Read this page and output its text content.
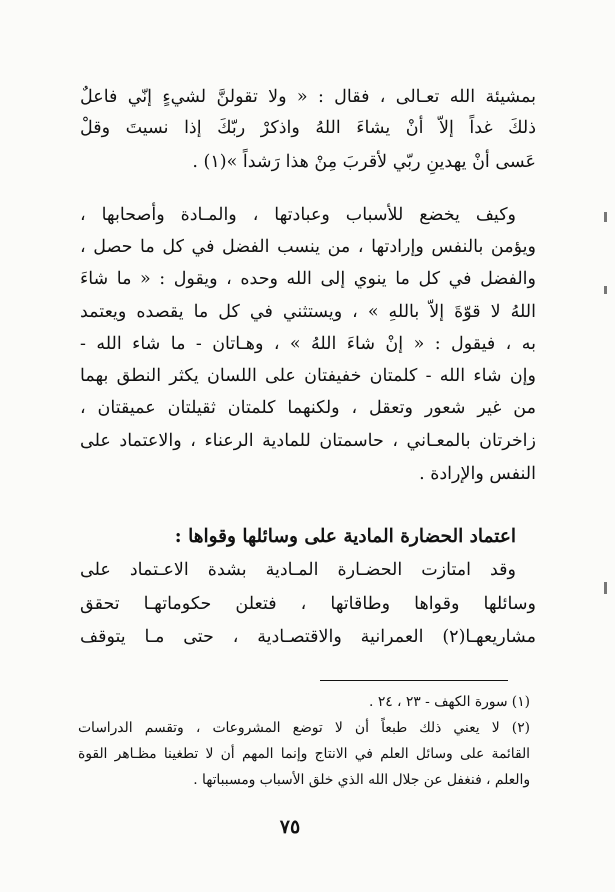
بمشيئة الله تعـالى ، فقال : « ولا تقولنَّ لشيءٍ إنّي فاعلٌ
ذلكَ غداً إلاّ أنْ يشاءَ اللهُ واذكرْ ربّكَ إذا نسيتَ وقلْ
عَسى أنْ يهدينِ ربّي لأقربَ مِنْ هذا رَشداً »(١) .
وكيف يخضع للأسباب وعبادتها ، والمـادة وأصحابها ،
ويؤمن بالنفس وإرادتها ، من ينسب الفضل في كل ما حصل ،
والفضل في كل ما ينوي إلى الله وحده ، ويقول : « ما شاءَ
اللهُ لا قوّةَ إلاّ باللهِ » ، ويستثني في كل ما يقصده ويعتمد
به ، فيقول : « إنْ شاءَ اللهُ » ، وهـاتان - ما شاء الله -
وإن شاء الله - كلمتان خفيفتان على اللسان يكثر النطق بهما
من غير شعور وتعقل ، ولكنهما كلمتان ثقيلتان عميقتان ،
زاخرتان بالمعـاني ، حاسمتان للمادية الرعناء ، والاعتماد على
النفس والإرادة .
اعتماد الحضارة المادية على وسائلها وقواها :
وقد امتازت الحضـارة المـادية بشدة الاعـتماد على
وسائلها وقواها وطاقاتها ، فتعلن حكوماتهـا تحقق
مشاريعهـا(٢) العمرانية والاقتصـادية ، حتى مـا يتوقف
(١) سورة الكهف - ٢٣ ، ٢٤ .
(٢) لا يعني ذلك طبعاً أن لا توضع المشروعات ، وتقسم الدراسات
القائمة على وسائل العلم في الانتاج وإنما المهم أن لا تطغينا مظـاهر القوة
والعلم ، فنغفل عن جلال الله الذي خلق الأسباب ومسبباتها .
٧٥
